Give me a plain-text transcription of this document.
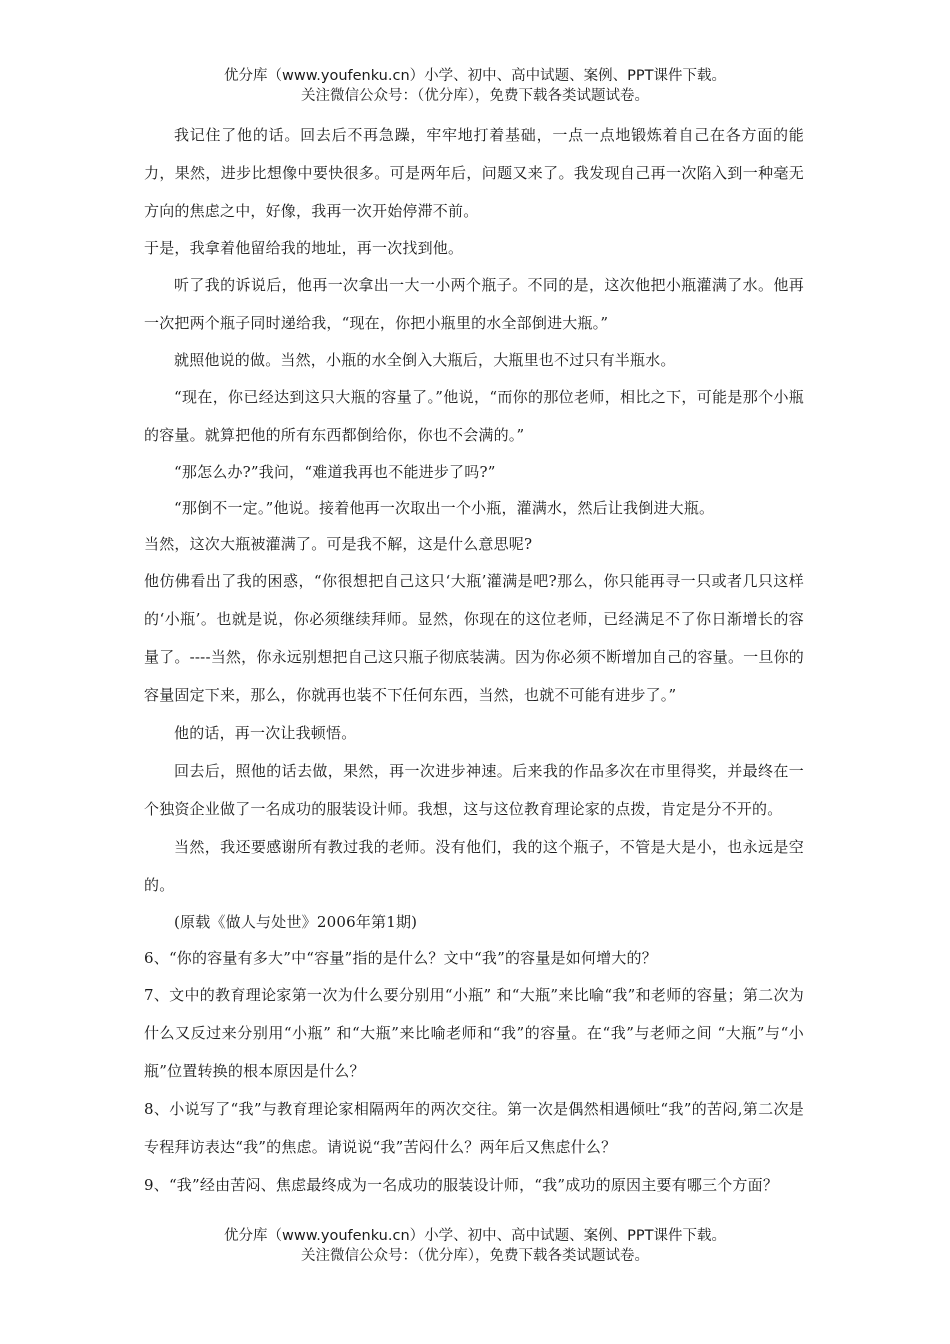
优分库（www.youfenku.cn）小学、初中、高中试题、案例、PPT课件下载。
关注微信公众号：（优分库），免费下载各类试题试卷。

我记住了他的话。回去后不再急躁，牢牢地打着基础，一点一点地锻炼着自己在各方面的能力，果然，进步比想像中要快很多。可是两年后，问题又来了。我发现自己再一次陷入到一种毫无方向的焦虑之中，好像，我再一次开始停滞不前。

于是，我拿着他留给我的地址，再一次找到他。

听了我的诉说后，他再一次拿出一大一小两个瓶子。不同的是，这次他把小瓶灌满了水。他再一次把两个瓶子同时递给我，“现在，你把小瓶里的水全部倒进大瓶。”

就照他说的做。当然，小瓶的水全倒入大瓶后，大瓶里也不过只有半瓶水。

“现在，你已经达到这只大瓶的容量了。”他说，“而你的那位老师，相比之下，可能是那个小瓶的容量。就算把他的所有东西都倒给你，你也不会满的。”

“那怎么办?”我问，“难道我再也不能进步了吗?”

“那倒不一定。”他说。接着他再一次取出一个小瓶，灌满水，然后让我倒进大瓶。

当然，这次大瓶被灌满了。可是我不解，这是什么意思呢?

他仿佛看出了我的困惑，“你很想把自己这只‘大瓶’灌满是吧?那么，你只能再寻一只或者几只这样的‘小瓶’。也就是说，你必须继续拜师。显然，你现在的这位老师，已经满足不了你日渐增长的容量了。----当然，你永远别想把自己这只瓶子彻底装满。因为你必须不断增加自己的容量。一旦你的容量固定下来，那么，你就再也装不下任何东西，当然，也就不可能有进步了。”

他的话，再一次让我顿悟。

回去后，照他的话去做，果然，再一次进步神速。后来我的作品多次在市里得奖，并最终在一个独资企业做了一名成功的服装设计师。我想，这与这位教育理论家的点拨，肯定是分不开的。

当然，我还要感谢所有教过我的老师。没有他们，我的这个瓶子，不管是大是小，也永远是空的。

(原载《做人与处世》2006年第1期)

6、“你的容量有多大”中“容量”指的是什么？文中“我”的容量是如何增大的？

7、文中的教育理论家第一次为什么要分别用“小瓶” 和“大瓶”来比喻“我”和老师的容量；第二次为什么又反过来分别用“小瓶” 和“大瓶”来比喻老师和“我”的容量。在“我”与老师之间 “大瓶”与“小瓶”位置转换的根本原因是什么？

8、小说写了“我”与教育理论家相隔两年的两次交往。第一次是偶然相遇倾吐“我”的苦闷,第二次是专程拜访表达“我”的焦虑。请说说“我”苦闷什么？两年后又焦虑什么？

9、“我”经由苦闷、焦虑最终成为一名成功的服装设计师，“我”成功的原因主要有哪三个方面？

优分库（www.youfenku.cn）小学、初中、高中试题、案例、PPT课件下载。
关注微信公众号：（优分库），免费下载各类试题试卷。
